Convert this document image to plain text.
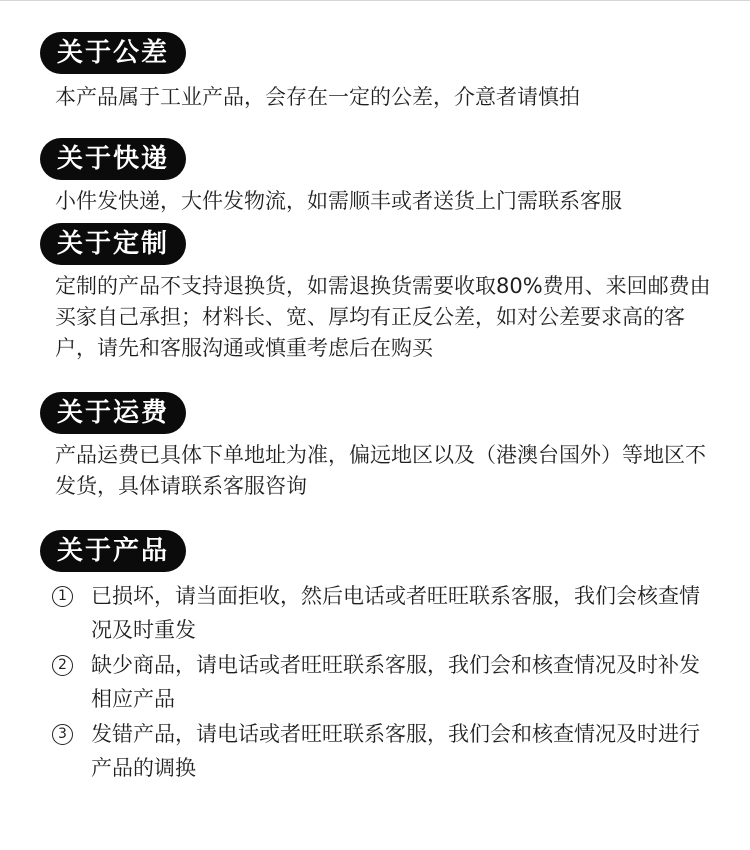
关于公差

本产品属于工业产品，会存在一定的公差，介意者请慎拍

关于快递

小件发快递，大件发物流，如需顺丰或者送货上门需联系客服

关于定制

定制的产品不支持退换货，如需退换货需要收取80%费用、来回邮费由买家自己承担；材料长、宽、厚均有正反公差，如对公差要求高的客户，请先和客服沟通或慎重考虑后在购买

关于运费

产品运费已具体下单地址为准，偏远地区以及（港澳台国外）等地区不发货，具体请联系客服咨询

关于产品
1 已损坏，请当面拒收，然后电话或者旺旺联系客服，我们会核查情况及时重发
2 缺少商品，请电话或者旺旺联系客服，我们会和核查情况及时补发相应产品
3 发错产品，请电话或者旺旺联系客服，我们会和核查情况及时进行产品的调换
